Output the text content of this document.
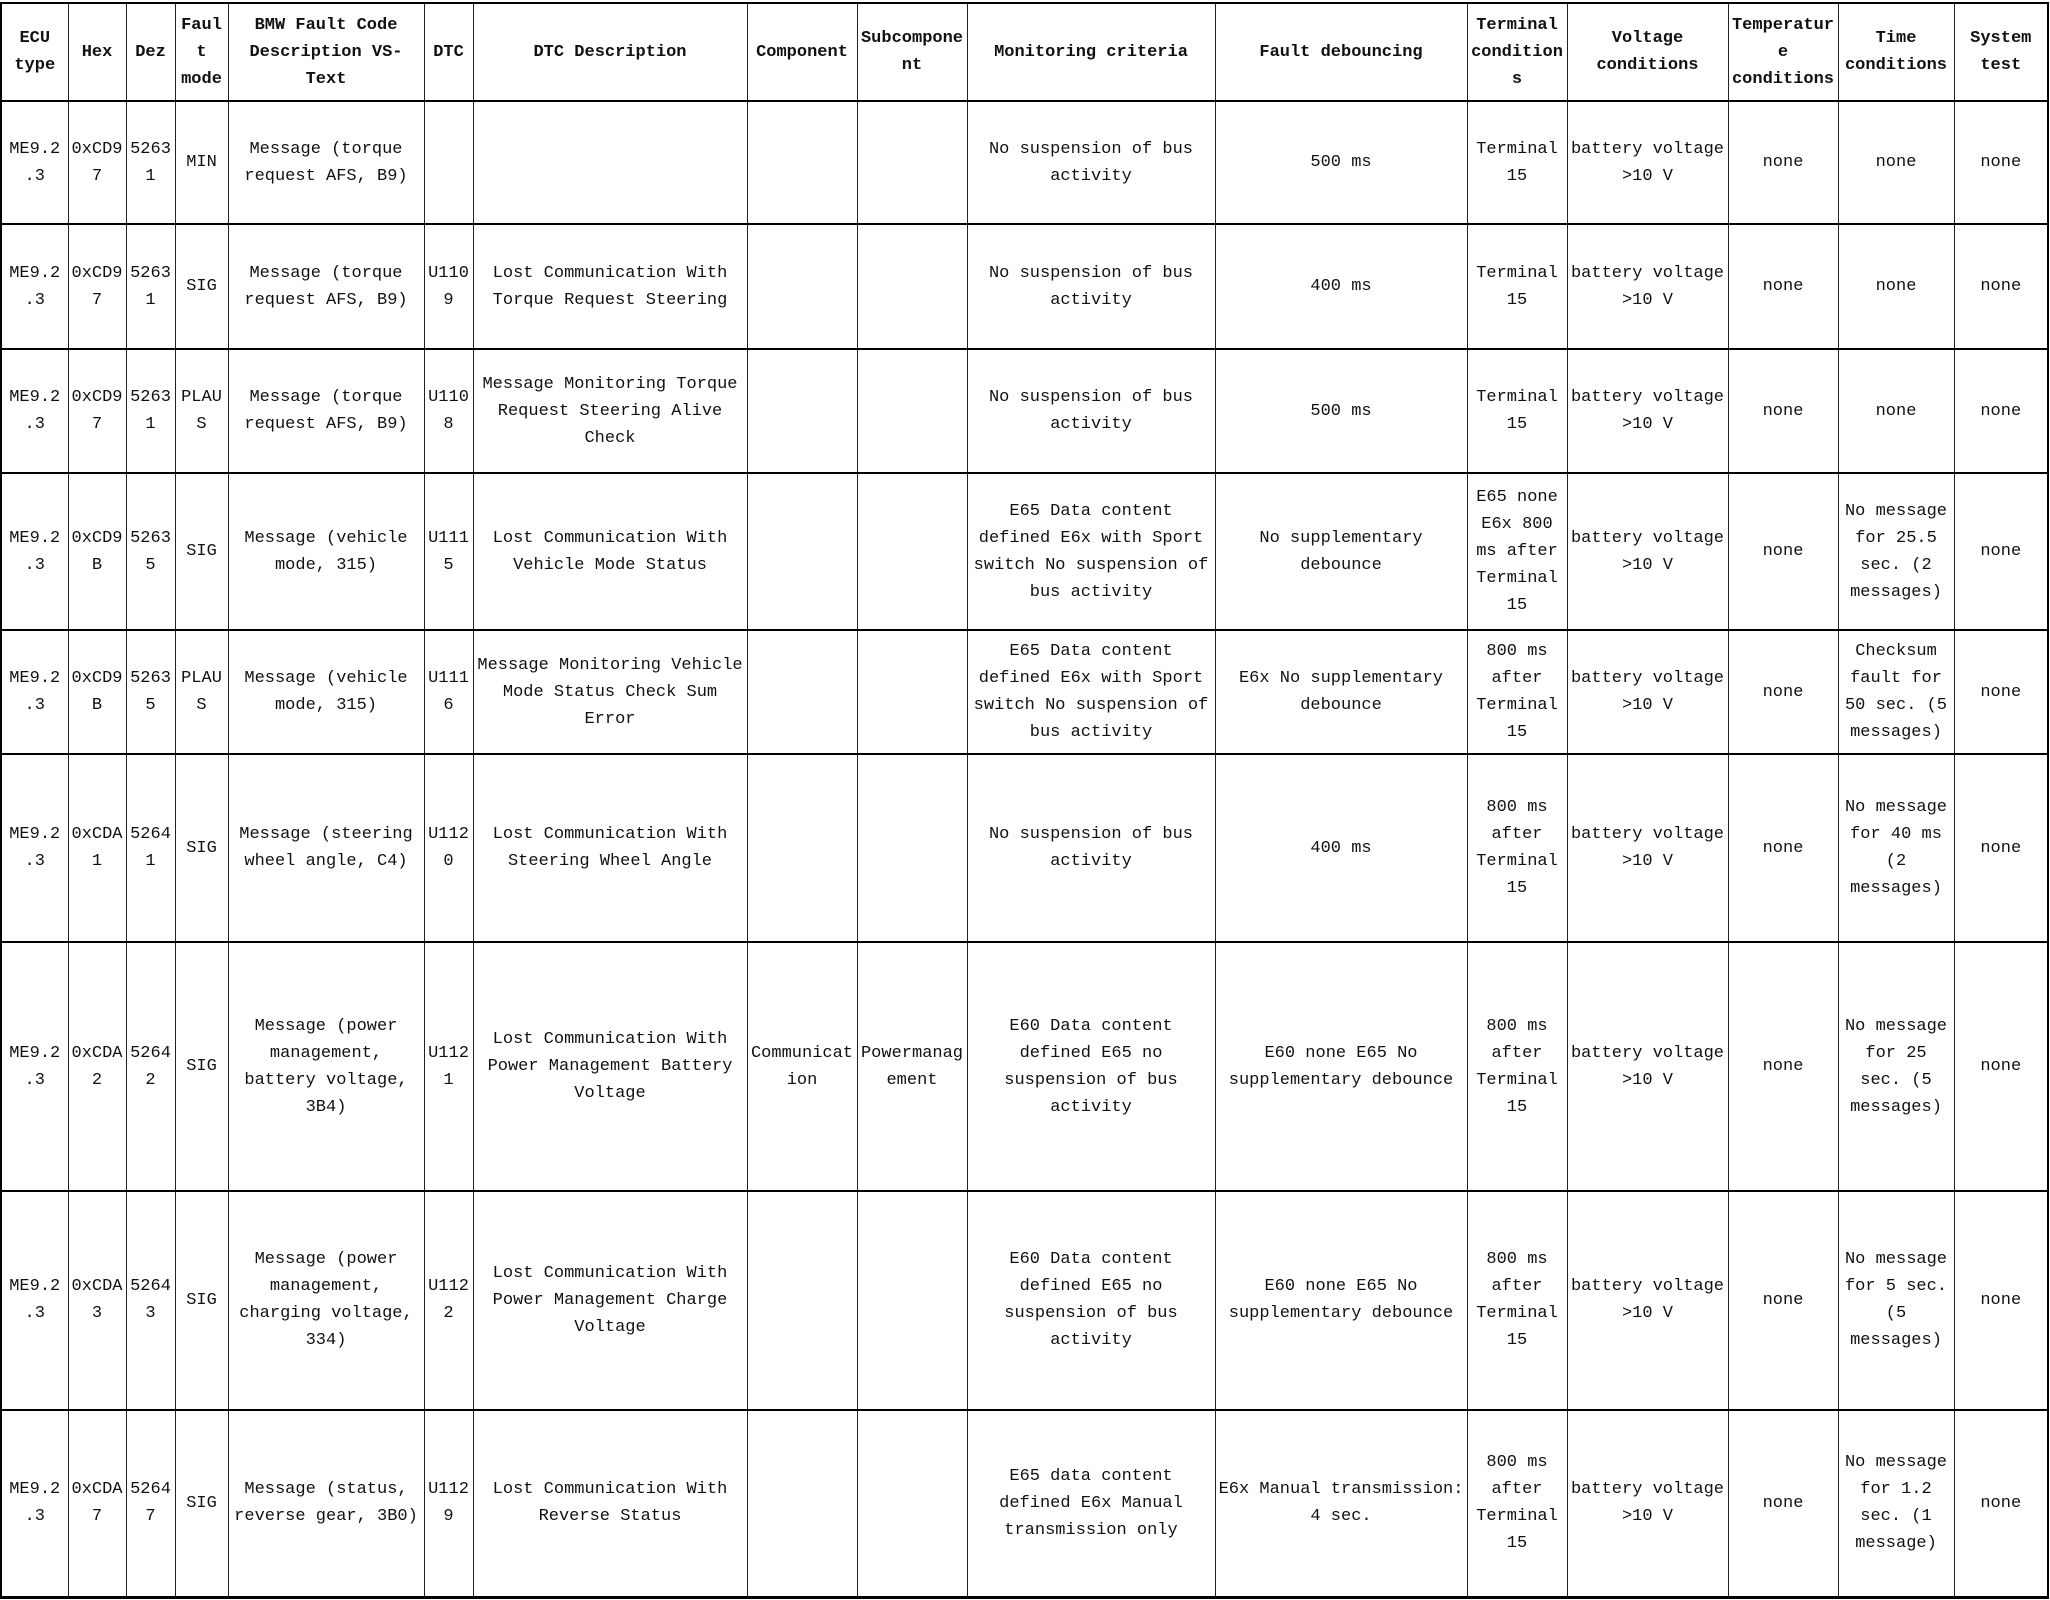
ECU type	Hex	Dez	Fault mode	BMW Fault Code Description VS-Text	DTC	DTC Description	Component	Subcomponent	Monitoring criteria	Fault debouncing	Terminal conditions	Voltage conditions	Temperature conditions	Time conditions	System test
ME9.2.3	0xCD97	52631	MIN	Message (torque request AFS, B9)					No suspension of bus activity	500 ms	Terminal 15	battery voltage >10 V	none	none	none
ME9.2.3	0xCD97	52631	SIG	Message (torque request AFS, B9)	U1109	Lost Communication With Torque Request Steering			No suspension of bus activity	400 ms	Terminal 15	battery voltage >10 V	none	none	none
ME9.2.3	0xCD97	52631	PLAUS	Message (torque request AFS, B9)	U1108	Message Monitoring Torque Request Steering Alive Check			No suspension of bus activity	500 ms	Terminal 15	battery voltage >10 V	none	none	none
ME9.2.3	0xCD9B	52635	SIG	Message (vehicle mode, 315)	U1115	Lost Communication With Vehicle Mode Status			E65 Data content defined E6x with Sport switch No suspension of bus activity	No supplementary debounce	E65 none E6x 800 ms after Terminal 15	battery voltage >10 V	none	No message for 25.5 sec. (2 messages)	none
ME9.2.3	0xCD9B	52635	PLAUS	Message (vehicle mode, 315)	U1116	Message Monitoring Vehicle Mode Status Check Sum Error			E65 Data content defined E6x with Sport switch No suspension of bus activity	E6x No supplementary debounce	800 ms after Terminal 15	battery voltage >10 V	none	Checksum fault for 50 sec. (5 messages)	none
ME9.2.3	0xCDA1	52641	SIG	Message (steering wheel angle, C4)	U1120	Lost Communication With Steering Wheel Angle			No suspension of bus activity	400 ms	800 ms after Terminal 15	battery voltage >10 V	none	No message for 40 ms (2 messages)	none
ME9.2.3	0xCDA2	52642	SIG	Message (power management, battery voltage, 3B4)	U1121	Lost Communication With Power Management Battery Voltage	Communication	Powermanagement	E60 Data content defined E65 no suspension of bus activity	E60 none E65 No supplementary debounce	800 ms after Terminal 15	battery voltage >10 V	none	No message for 25 sec. (5 messages)	none
ME9.2.3	0xCDA3	52643	SIG	Message (power management, charging voltage, 334)	U1122	Lost Communication With Power Management Charge Voltage			E60 Data content defined E65 no suspension of bus activity	E60 none E65 No supplementary debounce	800 ms after Terminal 15	battery voltage >10 V	none	No message for 5 sec. (5 messages)	none
ME9.2.3	0xCDA7	52647	SIG	Message (status, reverse gear, 3B0)	U1129	Lost Communication With Reverse Status			E65 data content defined E6x Manual transmission only	E6x Manual transmission: 4 sec.	800 ms after Terminal 15	battery voltage >10 V	none	No message for 1.2 sec. (1 message)	none
